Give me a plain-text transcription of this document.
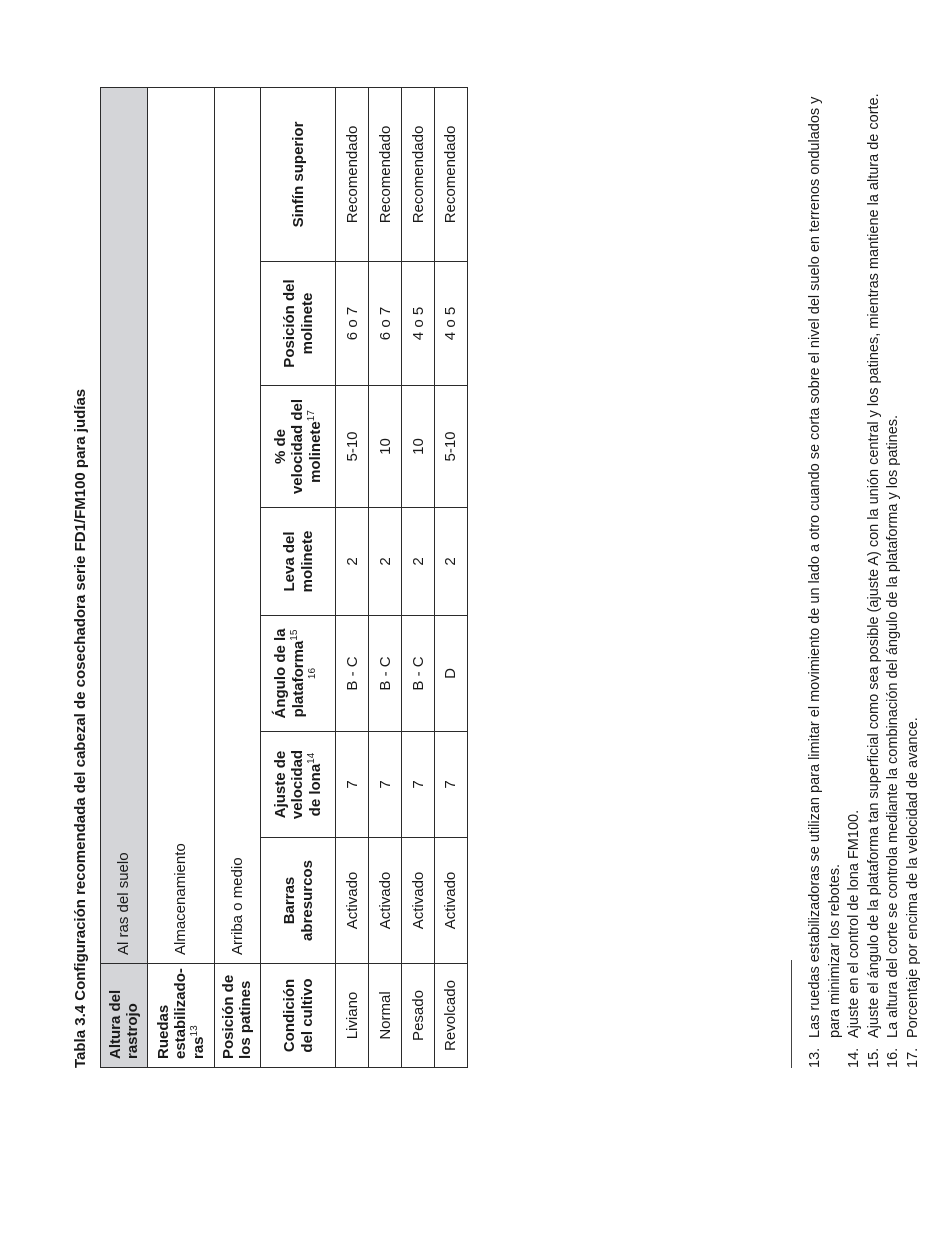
Tabla 3.4 Configuración recomendada del cabezal de cosechadora serie FD1/FM100 para judías Altura del rastrojo	Al ras del suelo						
Ruedas estabilizado-ras$^{13}$	Almacenamiento						
Posición de los patines	Arriba o medio						
Condición del cultivo	Barras abresurcos	Ajuste de velocidad de lona$^{14}$	Ángulo de la plataforma$^{15 16}$	Leva del molinete	% de velocidad del molinete$^{17}$	Posición del molinete	Sinfín superior
Liviano	Activado	7	B - C	2	5-10	6 o 7	Recomendado
Normal	Activado	7	B - C	2	10	6 o 7	Recomendado
Pesado	Activado	7	B - C	2	10	4 o 5	Recomendado
Revolcado	Activado	7	D	2	5-10	4 o 5	Recomendado
13.
Las ruedas estabilizadoras se utilizan para limitar el movimiento de un lado a otro cuando se corta sobre el nivel del suelo en terrenos ondulados y para minimizar los rebotes.
14.
Ajuste en el control de lona FM100.
15.
Ajuste el ángulo de la plataforma tan superficial como sea posible (ajuste A) con la unión central y los patines, mientras mantiene la altura de corte.
16.
La altura del corte se controla mediante la combinación del ángulo de la plataforma y los patines.
17.
Porcentaje por encima de la velocidad de avance.
